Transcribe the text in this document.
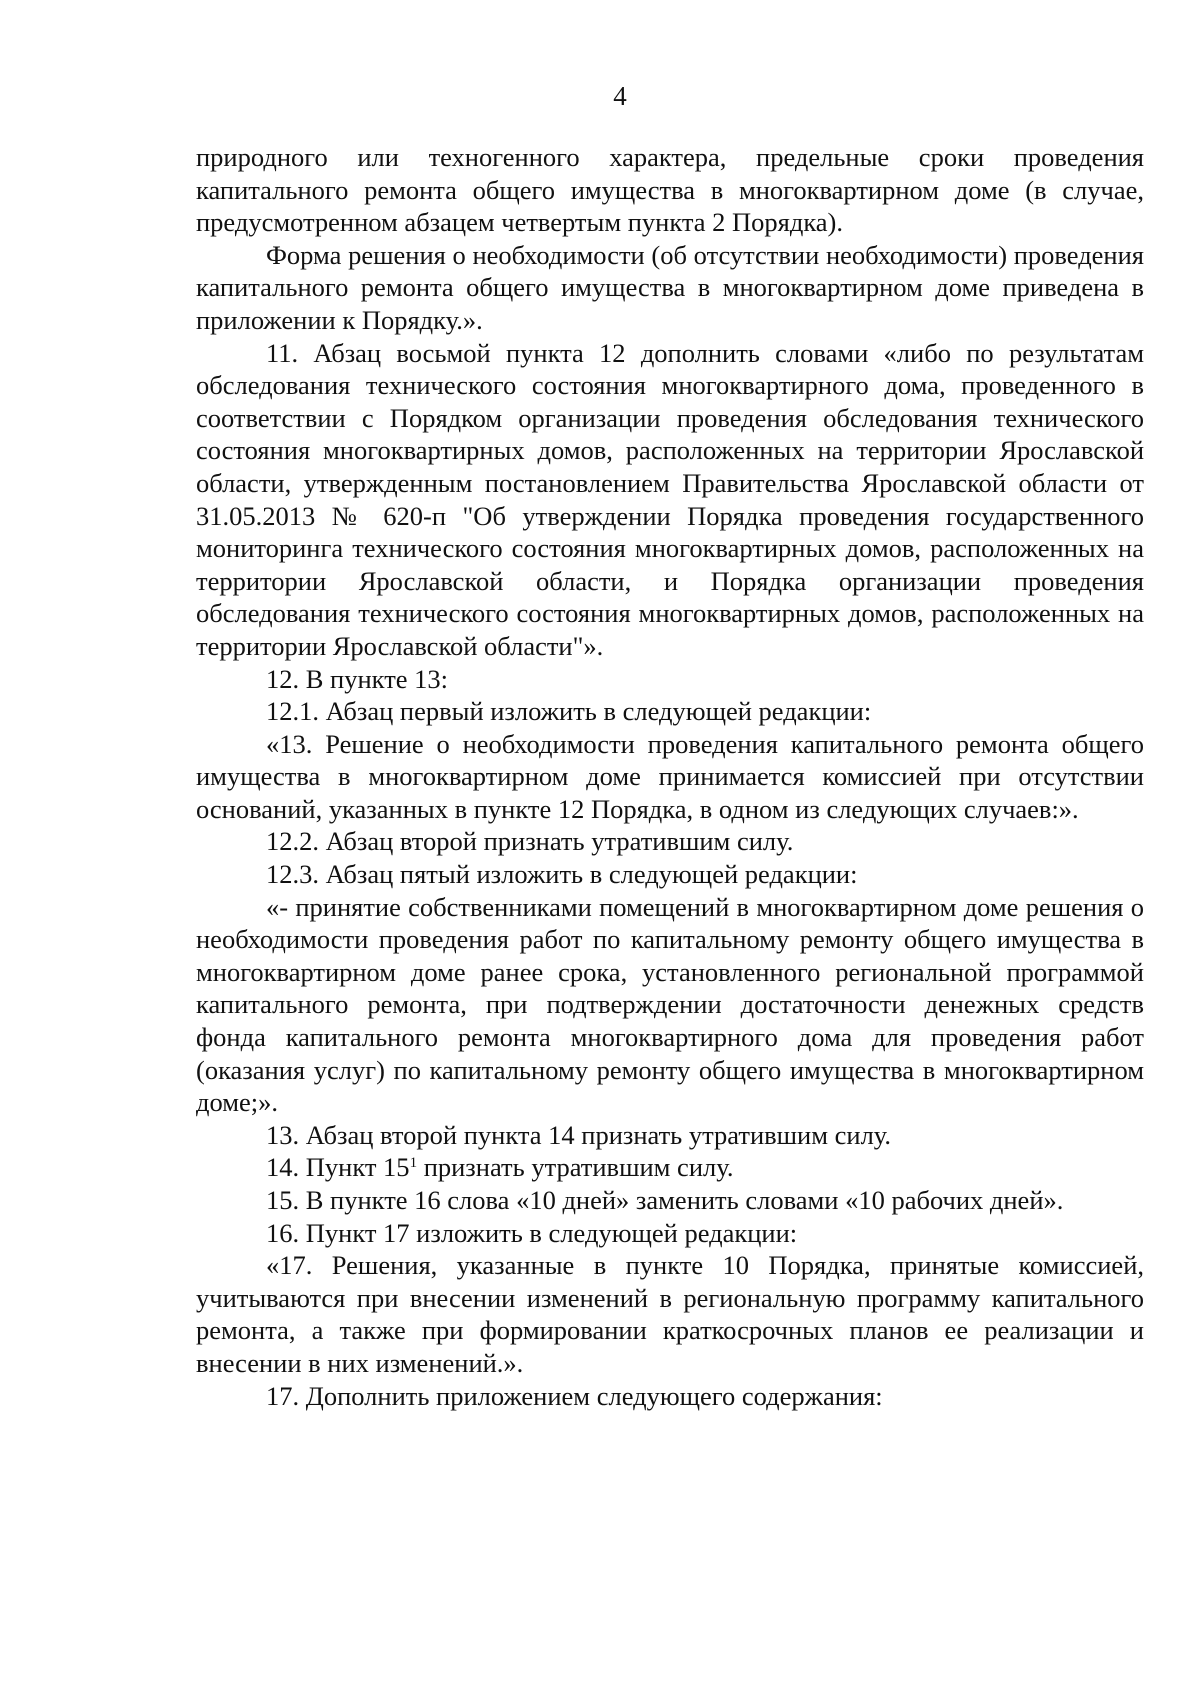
4

природного или техногенного характера, предельные сроки проведения капитального ремонта общего имущества в многоквартирном доме (в случае, предусмотренном абзацем четвертым пункта 2 Порядка).

Форма решения о необходимости (об отсутствии необходимости) проведения капитального ремонта общего имущества в многоквартирном доме приведена в приложении к Порядку.».

11. Абзац восьмой пункта 12 дополнить словами «либо по результатам обследования технического состояния многоквартирного дома, проведенного в соответствии с Порядком организации проведения обследования технического состояния многоквартирных домов, расположенных на территории Ярославской области, утвержденным постановлением Правительства Ярославской области от 31.05.2013 № 620-п "Об утверждении Порядка проведения государственного мониторинга технического состояния многоквартирных домов, расположенных на территории Ярославской области, и Порядка организации проведения обследования технического состояния многоквартирных домов, расположенных на территории Ярославской области"».

12. В пункте 13:

12.1. Абзац первый изложить в следующей редакции:

«13. Решение о необходимости проведения капитального ремонта общего имущества в многоквартирном доме принимается комиссией при отсутствии оснований, указанных в пункте 12 Порядка, в одном из следующих случаев:».

12.2. Абзац второй признать утратившим силу.

12.3. Абзац пятый изложить в следующей редакции:

«- принятие собственниками помещений в многоквартирном доме решения о необходимости проведения работ по капитальному ремонту общего имущества в многоквартирном доме ранее срока, установленного региональной программой капитального ремонта, при подтверждении достаточности денежных средств фонда капитального ремонта многоквартирного дома для проведения работ (оказания услуг) по капитальному ремонту общего имущества в многоквартирном доме;».

13. Абзац второй пункта 14 признать утратившим силу.

14. Пункт $15^1$ признать утратившим силу.

15. В пункте 16 слова «10 дней» заменить словами «10 рабочих дней».

16. Пункт 17 изложить в следующей редакции:

«17. Решения, указанные в пункте 10 Порядка, принятые комиссией, учитываются при внесении изменений в региональную программу капитального ремонта, а также при формировании краткосрочных планов ее реализации и внесении в них изменений.».

17. Дополнить приложением следующего содержания:
